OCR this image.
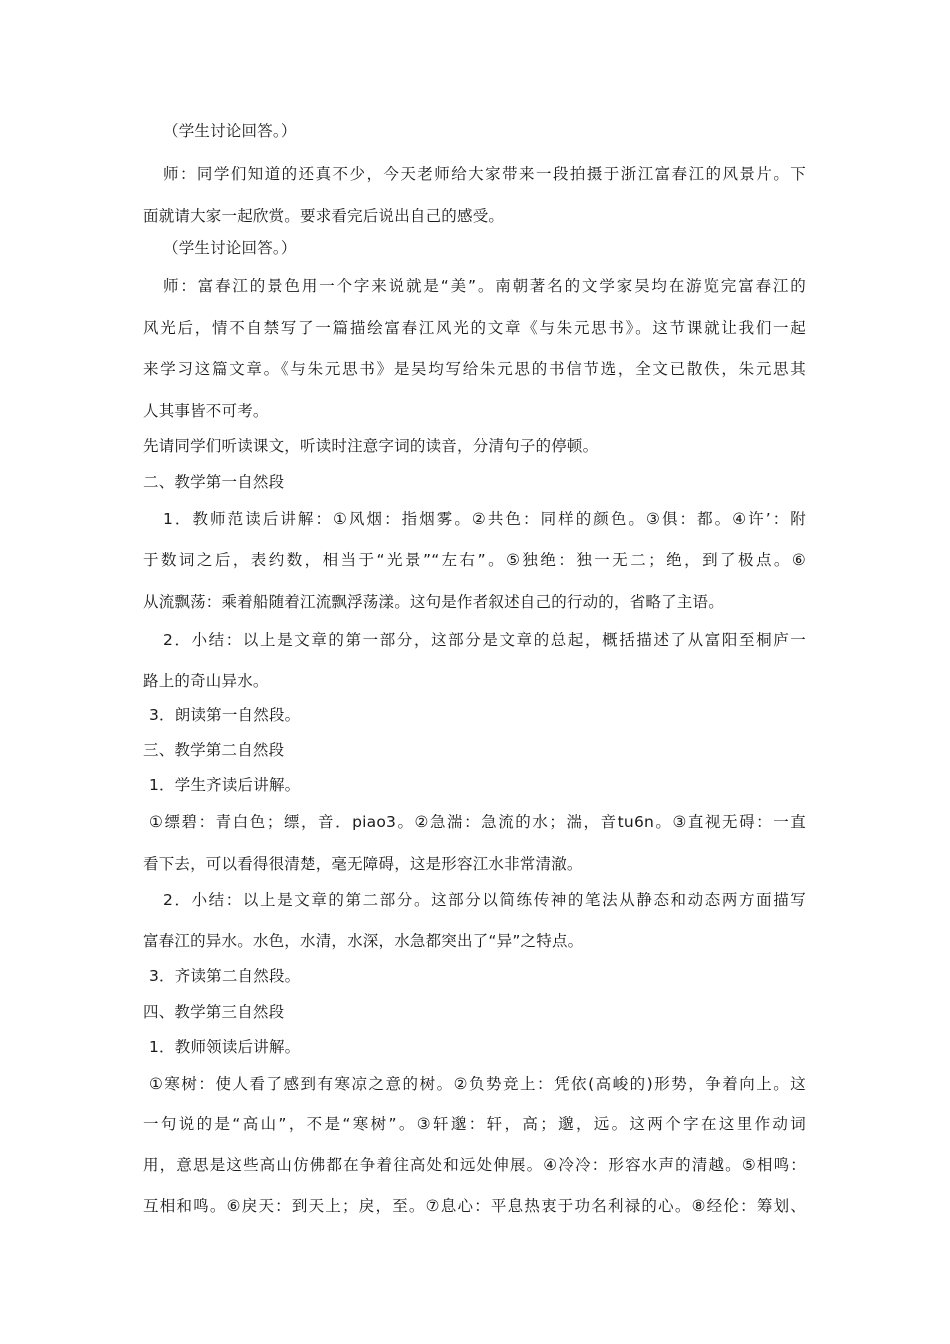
（学生讨论回答。）
师：同学们知道的还真不少，今天老师给大家带来一段拍摄于浙江富春江的风景片。下
面就请大家一起欣赏。要求看完后说出自己的感受。
（学生讨论回答。）
师：富春江的景色用一个字来说就是“美”。南朝著名的文学家吴均在游览完富春江的
风光后，情不自禁写了一篇描绘富春江风光的文章《与朱元思书》。这节课就让我们一起
来学习这篇文章。《与朱元思书》是吴均写给朱元思的书信节选，全文已散佚，朱元思其
人其事皆不可考。
先请同学们听读课文，听读时注意字词的读音，分清句子的停顿。
二、教学第一自然段
1．教师范读后讲解：①风烟：指烟雾。②共色：同样的颜色。③俱：都。④许’：附
于数词之后，表约数，相当于“光景”“左右”。⑤独绝：独一无二；绝，到了极点。⑥
从流飘荡：乘着船随着江流飘浮荡漾。这句是作者叙述自己的行动的，省略了主语。
2．小结：以上是文章的第一部分，这部分是文章的总起，概括描述了从富阳至桐庐一
路上的奇山异水。
3．朗读第一自然段。
三、教学第二自然段
1．学生齐读后讲解。
①缥碧：青白色；缥，音．piao3。②急湍：急流的水；湍，音tu6n。③直视无碍：一直
看下去，可以看得很清楚，毫无障碍，这是形容江水非常清澈。
2．小结：以上是文章的第二部分。这部分以简练传神的笔法从静态和动态两方面描写
富春江的异水。水色，水清，水深，水急都突出了“异”之特点。
3．齐读第二自然段。
四、教学第三自然段
1．教师领读后讲解。
①寒树：使人看了感到有寒凉之意的树。②负势竞上：凭依(高峻的)形势，争着向上。这
一句说的是“高山”，不是“寒树”。③轩邈：轩，高；邈，远。这两个字在这里作动词
用，意思是这些高山仿佛都在争着往高处和远处伸展。④冷冷：形容水声的清越。⑤相鸣：
互相和鸣。⑥戾天：到天上；戾，至。⑦息心：平息热衷于功名利禄的心。⑧经伦：筹划、
